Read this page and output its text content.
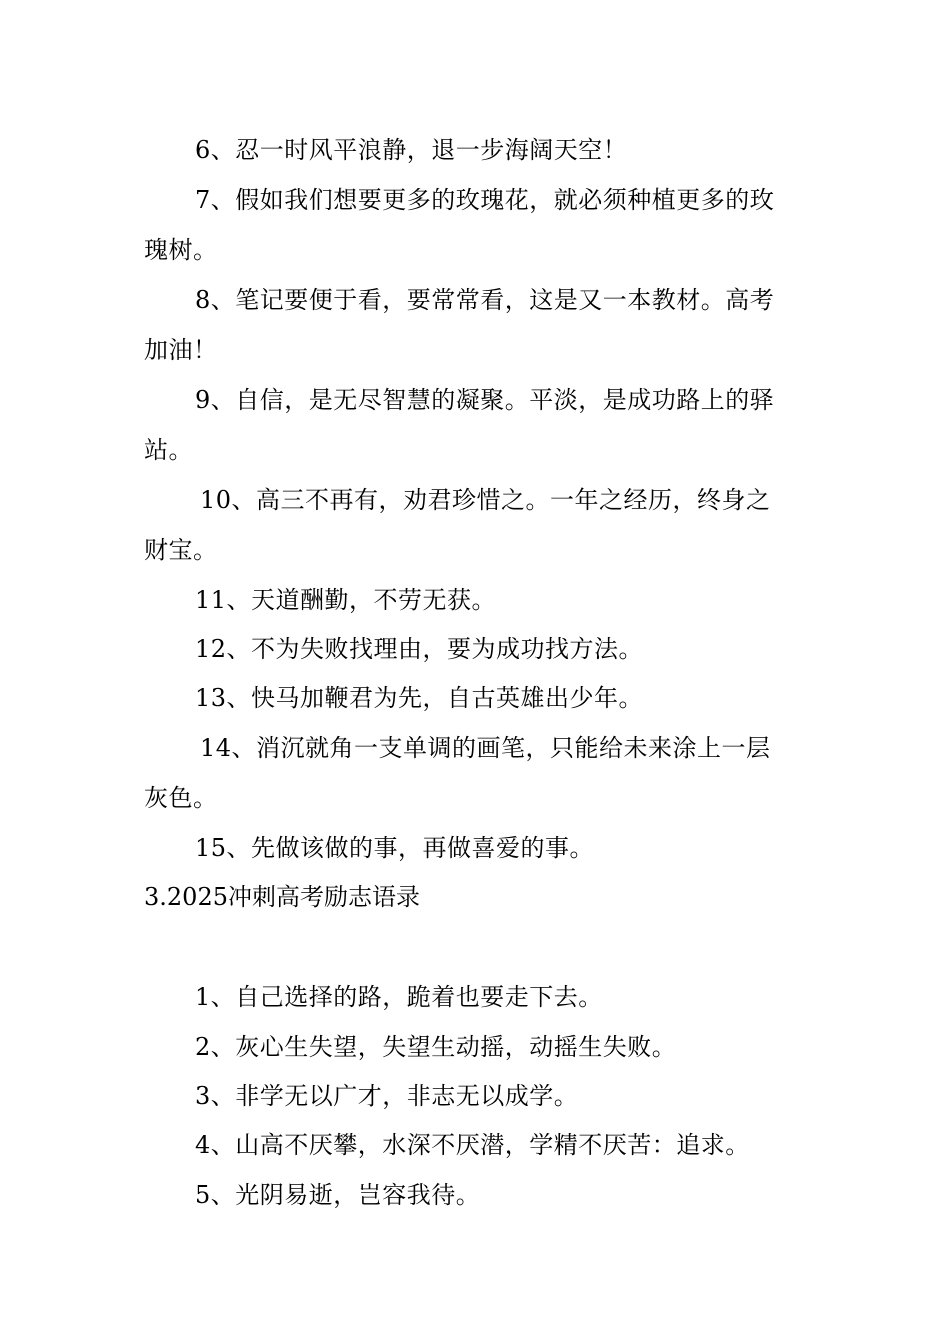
6、忍一时风平浪静，退一步海阔天空！
7、假如我们想要更多的玫瑰花，就必须种植更多的玫
瑰树。
8、笔记要便于看，要常常看，这是又一本教材。高考
加油！
9、自信，是无尽智慧的凝聚。平淡，是成功路上的驿
站。
10、高三不再有，劝君珍惜之。一年之经历，终身之
财宝。
11、天道酬勤，不劳无获。
12、不为失败找理由，要为成功找方法。
13、快马加鞭君为先，自古英雄出少年。
14、消沉就角一支单调的画笔，只能给未来涂上一层
灰色。
15、先做该做的事，再做喜爱的事。
3.2025冲刺高考励志语录
1、自己选择的路，跪着也要走下去。
2、灰心生失望，失望生动摇，动摇生失败。
3、非学无以广才，非志无以成学。
4、山高不厌攀，水深不厌潜，学精不厌苦：追求。
5、光阴易逝，岂容我待。
